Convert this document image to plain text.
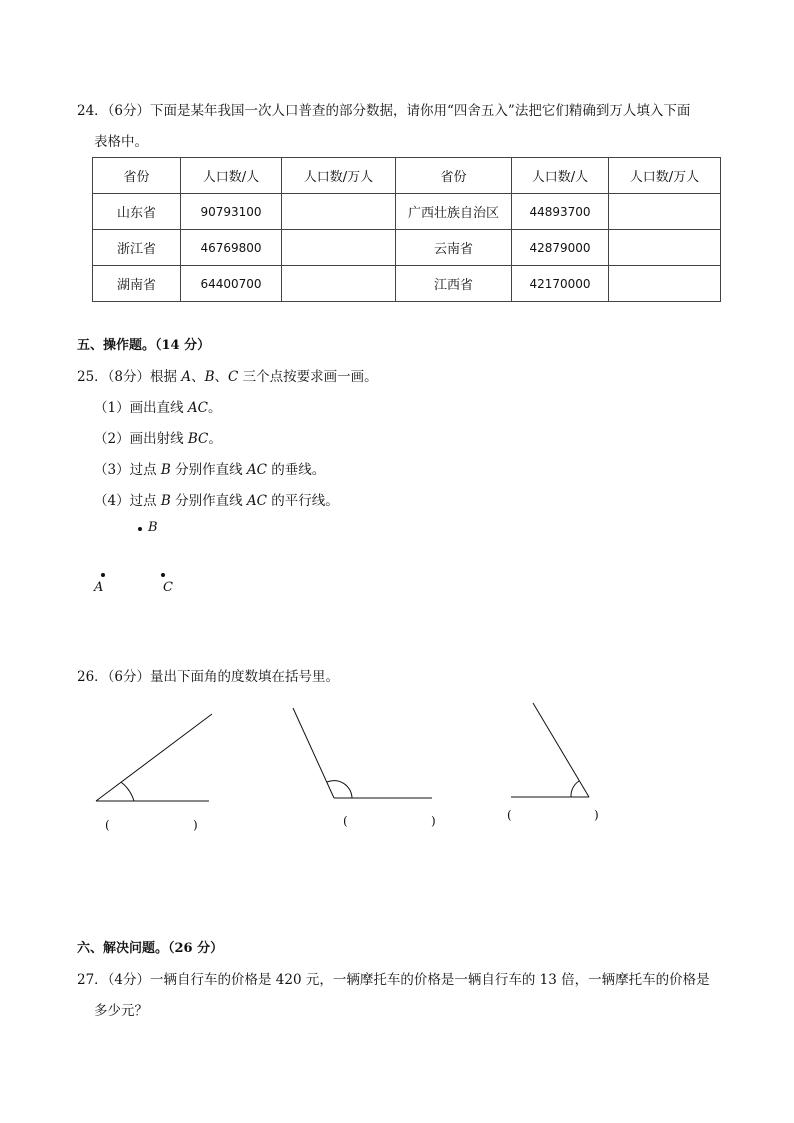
24．（6分）下面是某年我国一次人口普查的部分数据，请你用“四舍五入”法把它们精确到万人填入下面
表格中。
省份	人口数/人	人口数/万人	省份	人口数/人	人口数/万人
山东省	90793100		广西壮族自治区	44893700	
浙江省	46769800		云南省	42879000	
湖南省	64400700		江西省	42170000	
五、操作题。（14 分）
25．（8分）根据 A、B、C 三个点按要求画一画。
（1）画出直线 AC。
（2）画出射线 BC。
（3）过点 B 分别作直线 AC 的垂线。
（4）过点 B 分别作直线 AC 的平行线。
B
A	C
26．（6分）量出下面角的度数填在括号里。
(	)	(	)	(	)
六、解决问题。（26 分）
27．（4分）一辆自行车的价格是 420 元，一辆摩托车的价格是一辆自行车的 13 倍，一辆摩托车的价格是
多少元？
